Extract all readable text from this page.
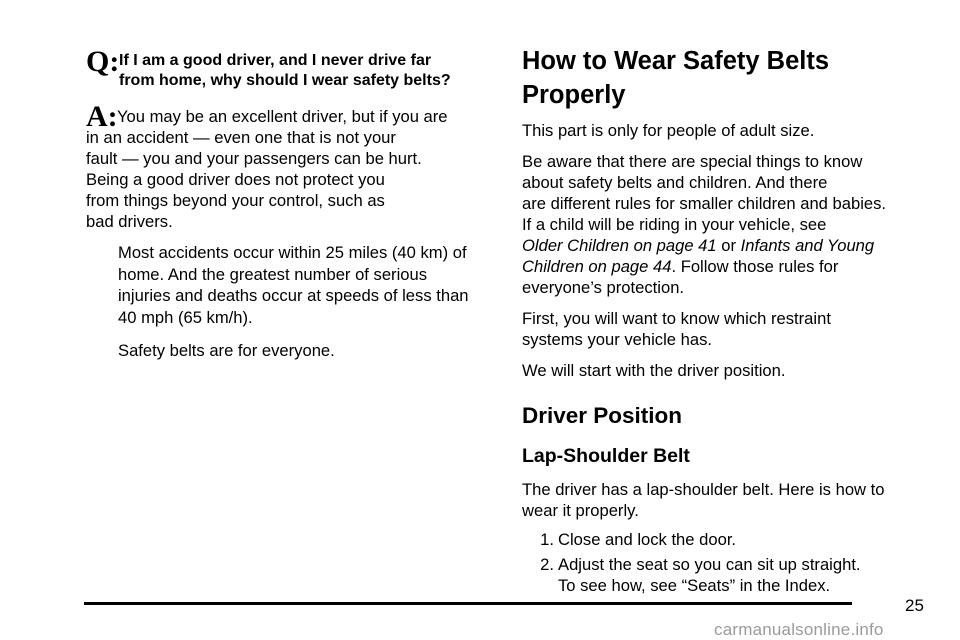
Q: If I am a good driver, and I never drive far
from home, why should I wear safety belts?
A: You may be an excellent driver, but if you are

in an accident — even one that is not your

fault — you and your passengers can be hurt.

Being a good driver does not protect you

from things beyond your control, such as

bad drivers.

Most accidents occur within 25 miles (40 km) of
home. And the greatest number of serious
injuries and deaths occur at speeds of less than
40 mph (65 km/h).
Safety belts are for everyone.
How to Wear Safety Belts Properly

This part is only for people of adult size.

Be aware that there are special things to know
about safety belts and children. And there
are different rules for smaller children and babies.
If a child will be riding in your vehicle, see
Older Children on page 41 or Infants and Young
Children on page 44. Follow those rules for
everyone’s protection.
First, you will want to know which restraint
systems your vehicle has.

We will start with the driver position.

Driver Position
Lap-Shoulder Belt
The driver has a lap-shoulder belt. Here is how to
wear it properly.
1. Close and lock the door.
2. Adjust the seat so you can sit up straight.
To see how, see “Seats” in the Index.
25
carmanualsonline.info
